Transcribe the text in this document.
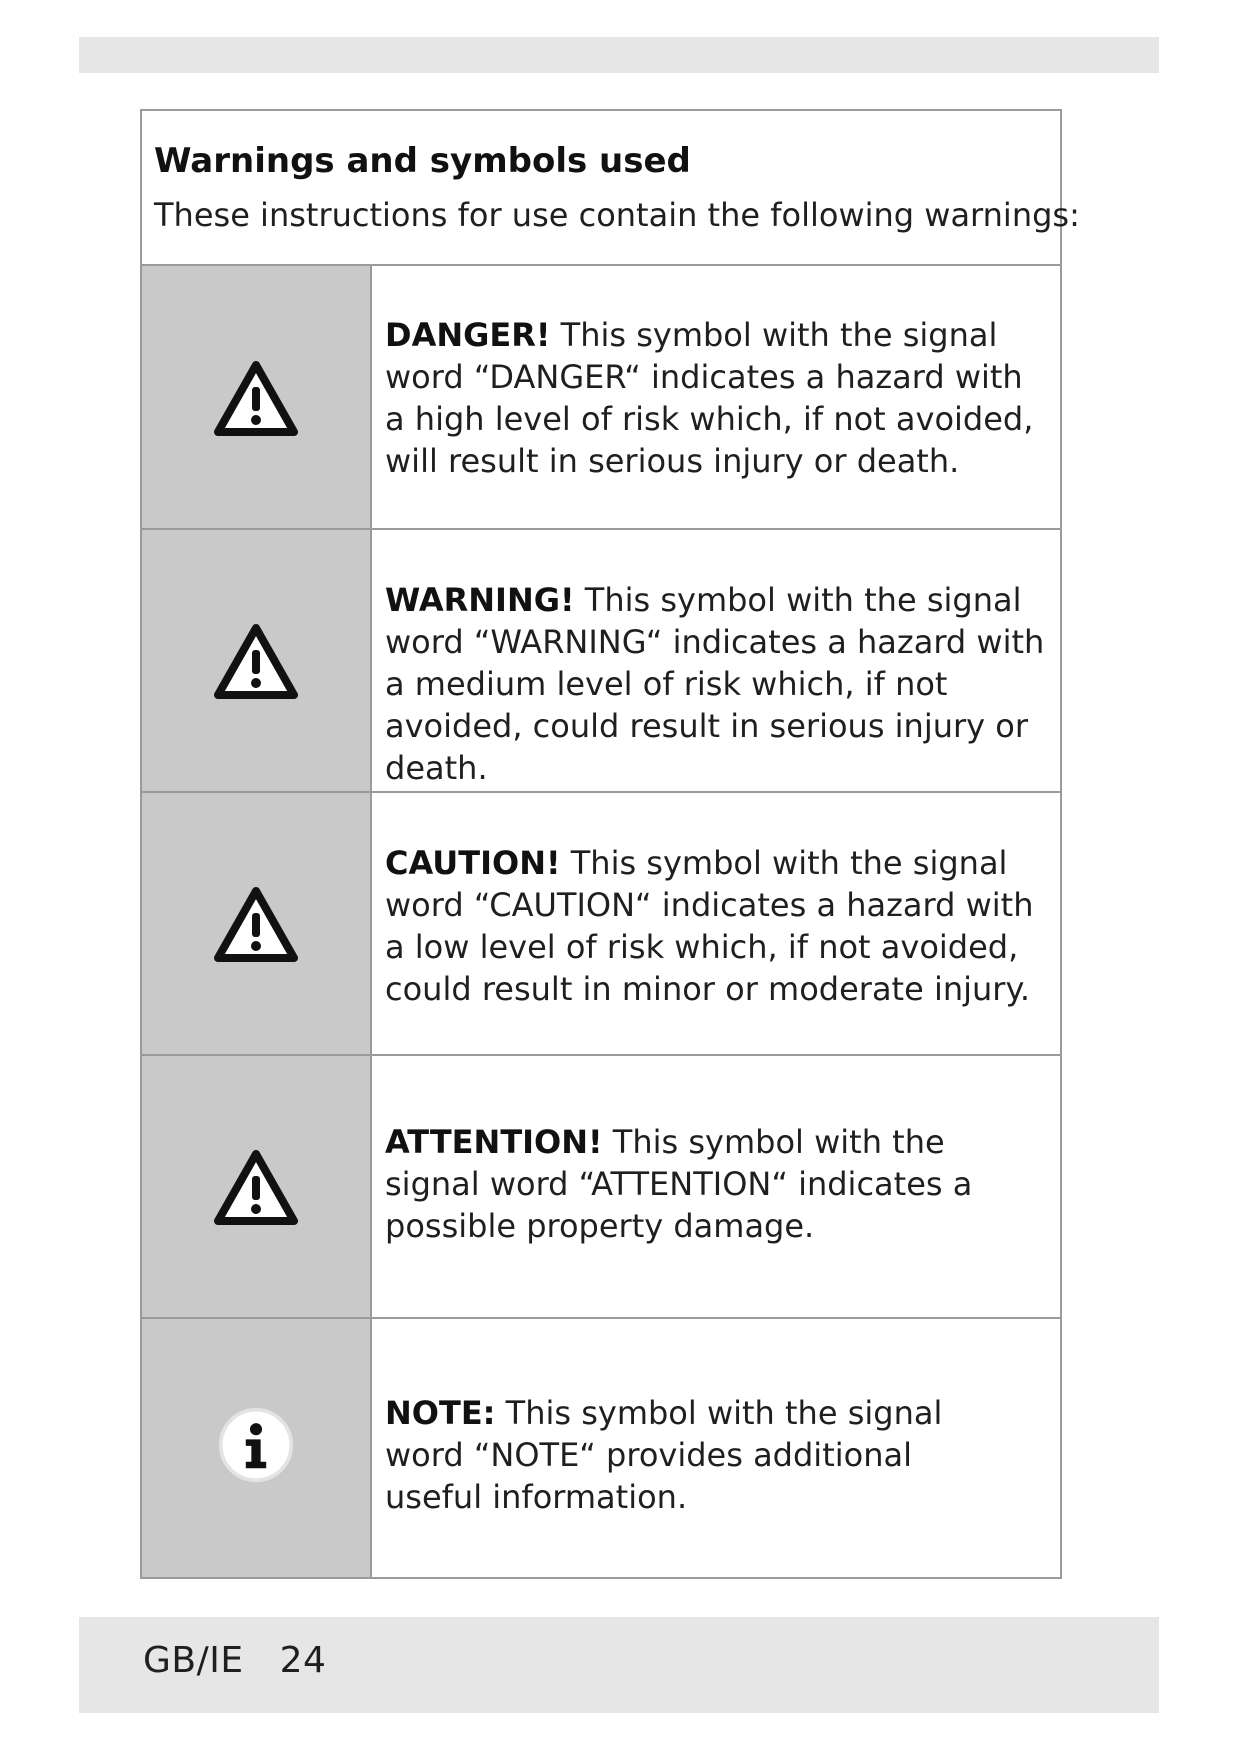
Warnings and symbols used
These instructions for use contain the following warnings:
DANGER! This symbol with the signal word “DANGER“ indicates a hazard with a high level of risk which, if not avoided, will result in serious injury or death.
WARNING! This symbol with the signal word “WARNING“ indicates a hazard with a medium level of risk which, if not avoided, could result in serious injury or death.
CAUTION! This symbol with the signal word “CAUTION“ indicates a hazard with a low level of risk which, if not avoided, could result in minor or moderate injury.
ATTENTION! This symbol with the signal word “ATTENTION“ indicates a possible property damage.
NOTE: This symbol with the signal word “NOTE“ provides additional useful information.
GB/IE 24
